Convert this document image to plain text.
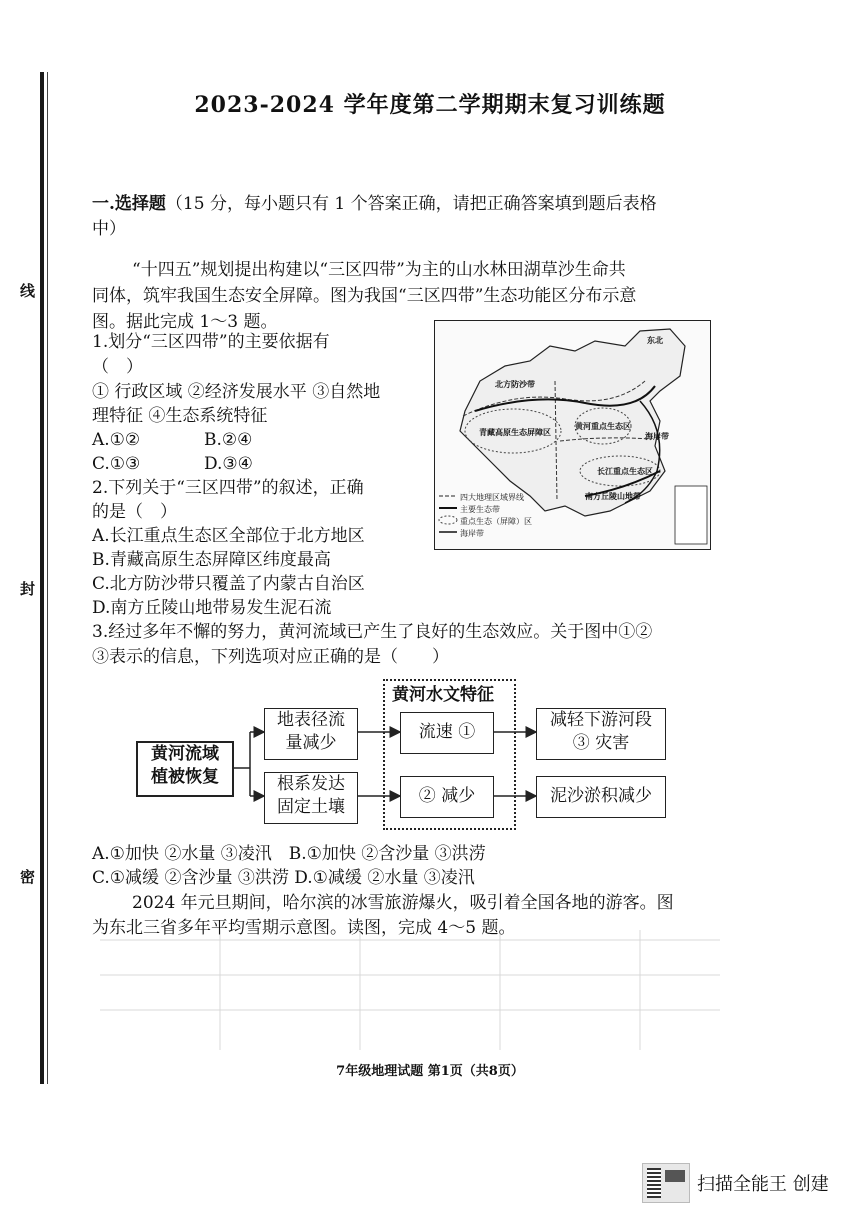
线
封
密
2023-2024 学年度第二学期期末复习训练题
一.选择题（15 分，每小题只有 1 个答案正确，请把正确答案填到题后表格
中）
“十四五”规划提出构建以“三区四带”为主的山水林田湖草沙生命共
同体，筑牢我国生态安全屏障。图为我国“三区四带”生态功能区分布示意
图。据此完成 1～3 题。
1.划分“三区四带”的主要依据有
（　）
① 行政区域 ②经济发展水平 ③自然地
理特征 ④生态系统特征
A.①②	B.②④
C.①③	D.③④
2.下列关于“三区四带”的叙述，正确
的是（　）
A.长江重点生态区全部位于北方地区
B.青藏高原生态屏障区纬度最高
C.北方防沙带只覆盖了内蒙古自治区
D.南方丘陵山地带易发生泥石流
3.经过多年不懈的努力，黄河流域已产生了良好的生态效应。关于图中①②
③表示的信息，下列选项对应正确的是（　　）
东北
北方防沙带
青藏高原生态屏障区
黄河重点生态区
长江重点生态区
南方丘陵山地带
海岸带
四大地理区域界线
主要生态带
重点生态（屏障）区
海岸带
黄河流域
植被恢复
地表径流
量减少
根系发达
固定土壤
黄河水文特征
流速 ①
② 减少
减轻下游河段
③ 灾害
泥沙淤积减少
A.①加快 ②水量 ③凌汛　B.①加快 ②含沙量 ③洪涝
C.①减缓 ②含沙量 ③洪涝 D.①减缓 ②水量 ③凌汛
2024 年元旦期间，哈尔滨的冰雪旅游爆火，吸引着全国各地的游客。图
为东北三省多年平均雪期示意图。读图，完成 4～5 题。
7年级地理试题 第1页（共8页）
扫描全能王 创建
